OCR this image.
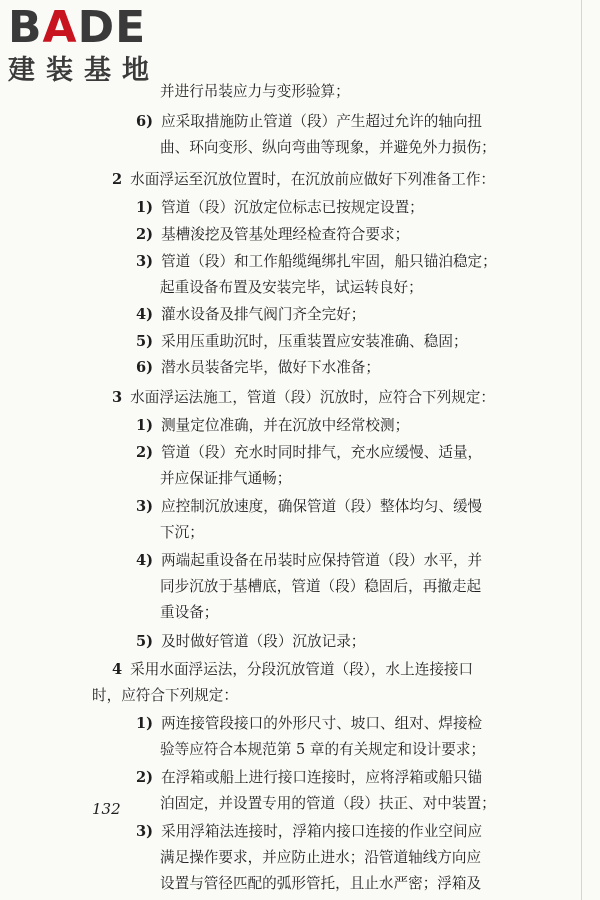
BADE
建装基地
并进行吊装应力与变形验算；
6) 应采取措施防止管道（段）产生超过允许的轴向扭
曲、环向变形、纵向弯曲等现象，并避免外力损伤；
2 水面浮运至沉放位置时，在沉放前应做好下列准备工作：
1) 管道（段）沉放定位标志已按规定设置；
2) 基槽浚挖及管基处理经检查符合要求；
3) 管道（段）和工作船缆绳绑扎牢固，船只锚泊稳定；
起重设备布置及安装完毕，试运转良好；
4) 灌水设备及排气阀门齐全完好；
5) 采用压重助沉时，压重装置应安装准确、稳固；
6) 潜水员装备完毕，做好下水准备；
3 水面浮运法施工，管道（段）沉放时，应符合下列规定：
1) 测量定位准确，并在沉放中经常校测；
2) 管道（段）充水时同时排气，充水应缓慢、适量，
并应保证排气通畅；
3) 应控制沉放速度，确保管道（段）整体均匀、缓慢
下沉；
4) 两端起重设备在吊装时应保持管道（段）水平，并
同步沉放于基槽底，管道（段）稳固后，再撤走起
重设备；
5) 及时做好管道（段）沉放记录；
4 采用水面浮运法，分段沉放管道（段），水上连接接口
时，应符合下列规定：
1) 两连接管段接口的外形尺寸、坡口、组对、焊接检
验等应符合本规范第 5 章的有关规定和设计要求；
2) 在浮箱或船上进行接口连接时，应将浮箱或船只锚
泊固定，并设置专用的管道（段）扶正、对中装置；
3) 采用浮箱法连接时，浮箱内接口连接的作业空间应
满足操作要求，并应防止进水；沿管道轴线方向应
设置与管径匹配的弧形管托，且止水严密；浮箱及
132
